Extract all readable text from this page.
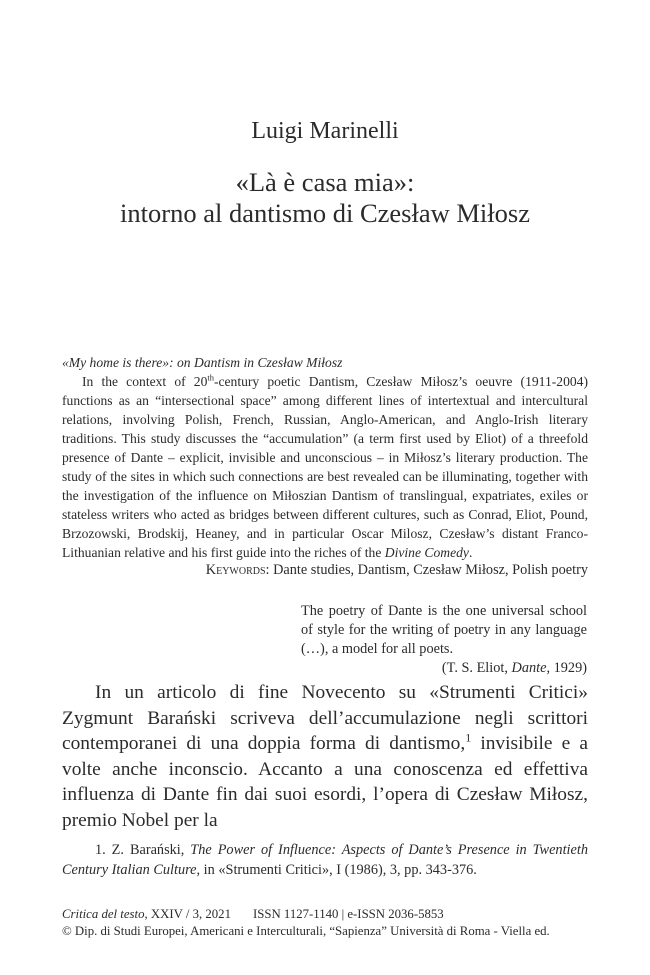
Luigi Marinelli
«Là è casa mia»:
intorno al dantismo di Czesław Miłosz
«My home is there»: on Dantism in Czesław Miłosz
In the context of 20th-century poetic Dantism, Czesław Miłosz’s oeuvre (1911-2004) functions as an “intersectional space” among different lines of intertextual and intercultural relations, involving Polish, French, Russian, Anglo-American, and Anglo-Irish literary traditions. This study discusses the “accumulation” (a term first used by Eliot) of a threefold presence of Dante – explicit, invisible and unconscious – in Miłosz’s literary production. The study of the sites in which such connections are best revealed can be illuminating, together with the investigation of the influence on Miłoszian Dantism of translingual, expatriates, exiles or stateless writers who acted as bridges between different cultures, such as Conrad, Eliot, Pound, Brzozowski, Brodskij, Heaney, and in particular Oscar Milosz, Czesław’s distant Franco-Lithuanian relative and his first guide into the riches of the Divine Comedy.
Keywords: Dante studies, Dantism, Czesław Miłosz, Polish poetry
The poetry of Dante is the one universal school of style for the writing of poetry in any language (…), a model for all poets.
(T. S. Eliot, Dante, 1929)
In un articolo di fine Novecento su «Strumenti Critici» Zygmunt Barański scriveva dell’accumulazione negli scrittori contemporanei di una doppia forma di dantismo,$^1$ invisibile e a volte anche inconscio. Accanto a una conoscenza ed effettiva influenza di Dante fin dai suoi esordi, l’opera di Czesław Miłosz, premio Nobel per la
1. Z. Barański, The Power of Influence: Aspects of Dante’s Presence in Twentieth Century Italian Culture, in «Strumenti Critici», I (1986), 3, pp. 343-376.
Critica del testo, XXIV / 3, 2021 ISSN 1127-1140 | e-ISSN 2036-5853
© Dip. di Studi Europei, Americani e Interculturali, “Sapienza” Università di Roma - Viella ed.
